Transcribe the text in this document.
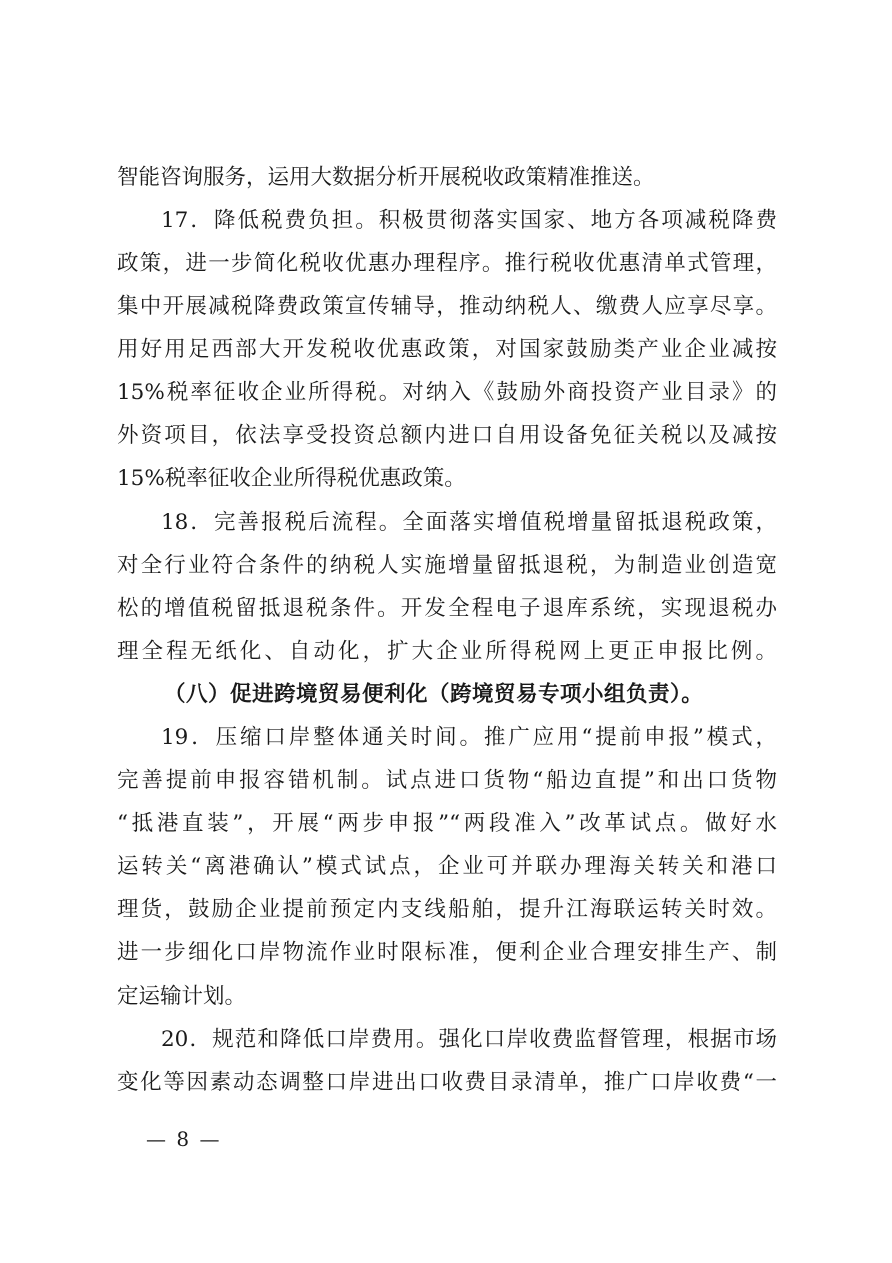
智能咨询服务，运用大数据分析开展税收政策精准推送。
17．降低税费负担。积极贯彻落实国家、地方各项减税降费
政策，进一步简化税收优惠办理程序。推行税收优惠清单式管理，
集中开展减税降费政策宣传辅导，推动纳税人、缴费人应享尽享。
用好用足西部大开发税收优惠政策，对国家鼓励类产业企业减按
15%税率征收企业所得税。对纳入《鼓励外商投资产业目录》的
外资项目，依法享受投资总额内进口自用设备免征关税以及减按
15%税率征收企业所得税优惠政策。
18．完善报税后流程。全面落实增值税增量留抵退税政策，
对全行业符合条件的纳税人实施增量留抵退税，为制造业创造宽
松的增值税留抵退税条件。开发全程电子退库系统，实现退税办
理全程无纸化、自动化，扩大企业所得税网上更正申报比例。
（八）促进跨境贸易便利化（跨境贸易专项小组负责）。
19．压缩口岸整体通关时间。推广应用“提前申报”模式，
完善提前申报容错机制。试点进口货物“船边直提”和出口货物
“抵港直装”，开展“两步申报”“两段准入”改革试点。做好水
运转关“离港确认”模式试点，企业可并联办理海关转关和港口
理货，鼓励企业提前预定内支线船舶，提升江海联运转关时效。
进一步细化口岸物流作业时限标准，便利企业合理安排生产、制
定运输计划。
20．规范和降低口岸费用。强化口岸收费监督管理，根据市场
变化等因素动态调整口岸进出口收费目录清单，推广口岸收费“一
— 8 —
